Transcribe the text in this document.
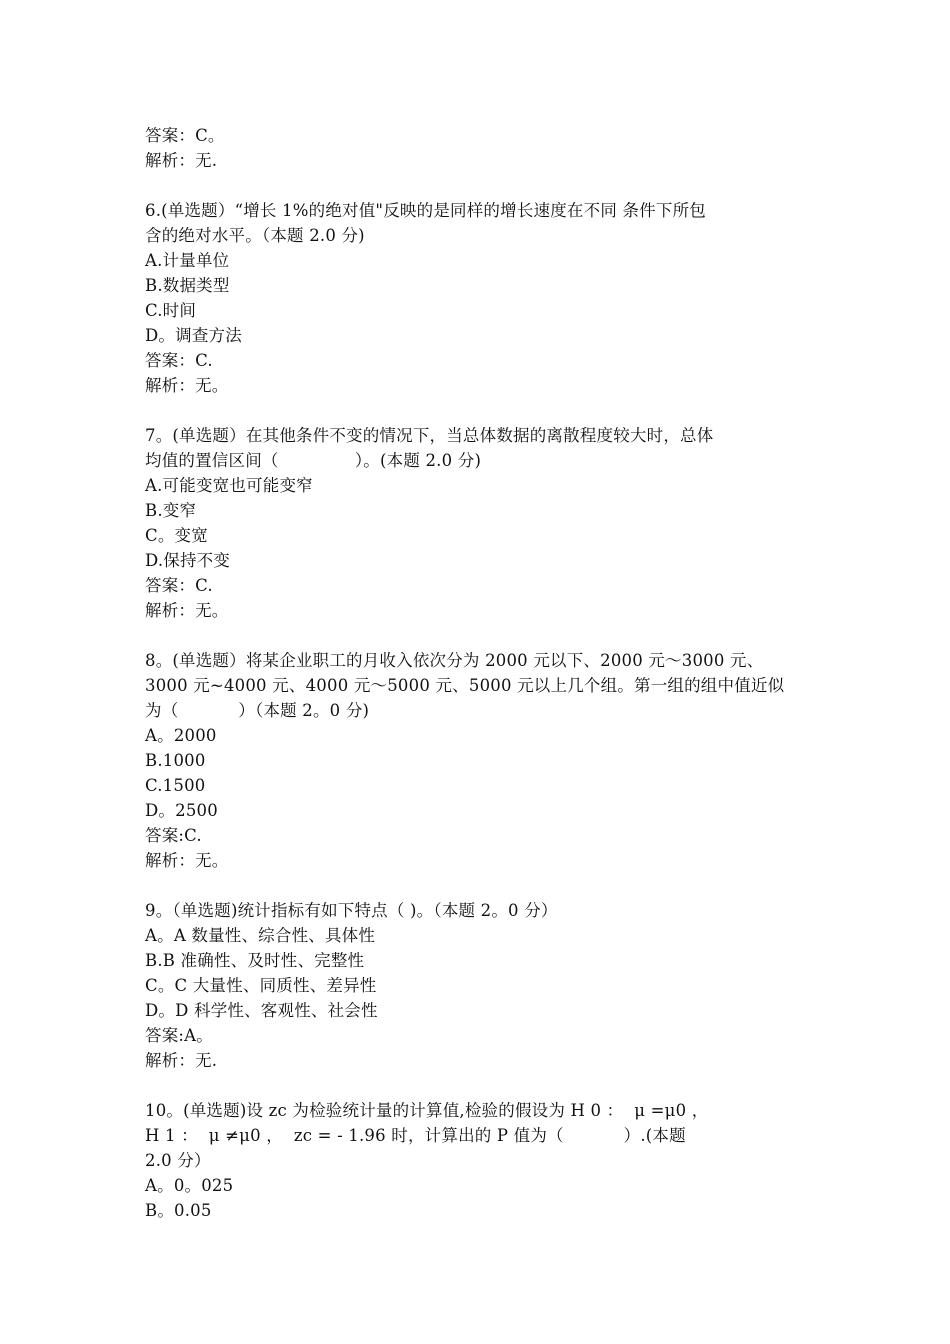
答案：C。
解析：无.
6.(单选题）“增长 1%的绝对值"反映的是同样的增长速度在不同 条件下所包
含的绝对水平。（本题 2.0 分)
A.计量单位
B.数据类型
C.时间
D。调查方法
答案：C.
解析：无。
7。(单选题）在其他条件不变的情况下，当总体数据的离散程度较大时，总体
均值的置信区间（              ）。(本题 2.0 分)
A.可能变宽也可能变窄
B.变窄
C。变宽
D.保持不变
答案：C.
解析：无。
8。(单选题）将某企业职工的月收入依次分为 2000 元以下、2000 元～3000 元、
3000 元~4000 元、4000 元～5000 元、5000 元以上几个组。第一组的组中值近似
为（           ）（本题 2。0 分)
A。2000
B.1000
C.1500
D。2500
答案:C.
解析：无。
9。（单选题)统计指标有如下特点（ )。（本题 2。0 分）
A。A 数量性、综合性、具体性
B.B 准确性、及时性、完整性
C。C 大量性、同质性、差异性
D。D 科学性、客观性、社会性
答案:A。
解析：无.
10。(单选题)设 zc 为检验统计量的计算值,检验的假设为 H 0 ：  μ =μ0 ，
H 1 ：  μ ≠μ0 ，  zc = - 1.96 时，计算出的 P 值为（           ）.(本题
2.0 分）
A。0。025
B。0.05
